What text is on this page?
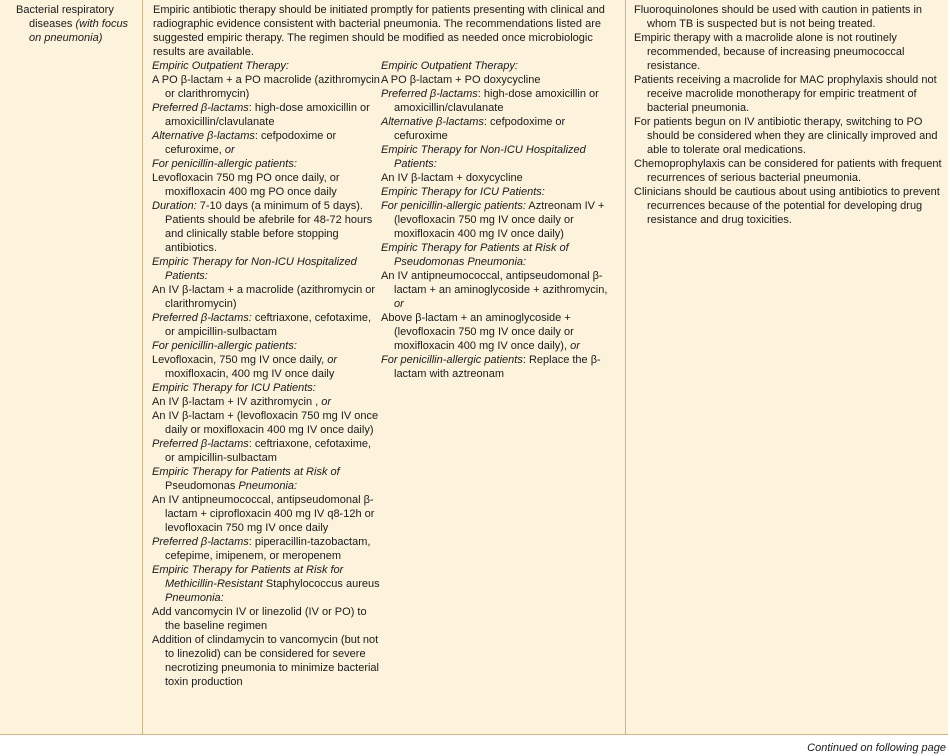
Bacterial respiratory diseases (with focus on pneumonia)

Empiric antibiotic therapy should be initiated promptly for patients presenting with clinical and radiographic evidence consistent with bacterial pneumonia. The recommendations listed are suggested empiric therapy. The regimen should be modified as needed once microbiologic results are available.

Empiric Outpatient Therapy:

A PO β-lactam + a PO macrolide (azithromycin or clarithromycin)

Preferred β-lactams: high-dose amoxicillin or amoxicillin/clavulanate

Alternative β-lactams: cefpodoxime or cefuroxime, or

For penicillin-allergic patients:

Levofloxacin 750 mg PO once daily, or moxifloxacin 400 mg PO once daily

Duration: 7-10 days (a minimum of 5 days). Patients should be afebrile for 48-72 hours and clinically stable before stopping antibiotics.

Empiric Therapy for Non-ICU Hospitalized Patients:

An IV β-lactam + a macrolide (azithromycin or clarithromycin)

Preferred β-lactams: ceftriaxone, cefotaxime, or ampicillin-sulbactam

For penicillin-allergic patients:

Levofloxacin, 750 mg IV once daily, or moxifloxacin, 400 mg IV once daily

Empiric Therapy for ICU Patients:

An IV β-lactam + IV azithromycin , or

An IV β-lactam + (levofloxacin 750 mg IV once daily or moxifloxacin 400 mg IV once daily)

Preferred β-lactams: ceftriaxone, cefotaxime, or ampicillin-sulbactam

Empiric Therapy for Patients at Risk of Pseudomonas Pneumonia:

An IV antipneumococcal, antipseudomonal β-lactam + ciprofloxacin 400 mg IV q8-12h or levofloxacin 750 mg IV once daily

Preferred β-lactams: piperacillin-tazobactam, cefepime, imipenem, or meropenem

Empiric Therapy for Patients at Risk for Methicillin-Resistant Staphylococcus aureus Pneumonia:

Add vancomycin IV or linezolid (IV or PO) to the baseline regimen

Addition of clindamycin to vancomycin (but not to linezolid) can be considered for severe necrotizing pneumonia to minimize bacterial toxin production

Empiric Outpatient Therapy:

A PO β-lactam + PO doxycycline

Preferred β-lactams: high-dose amoxicillin or amoxicillin/clavulanate

Alternative β-lactams: cefpodoxime or cefuroxime

Empiric Therapy for Non-ICU Hospitalized Patients:

An IV β-lactam + doxycycline

Empiric Therapy for ICU Patients:

For penicillin-allergic patients: Aztreonam IV + (levofloxacin 750 mg IV once daily or moxifloxacin 400 mg IV once daily)

Empiric Therapy for Patients at Risk of Pseudomonas Pneumonia:

An IV antipneumococcal, antipseudomonal β-lactam + an aminoglycoside + azithromycin, or

Above β-lactam + an aminoglycoside + (levofloxacin 750 mg IV once daily or moxifloxacin 400 mg IV once daily), or

For penicillin-allergic patients: Replace the β-lactam with aztreonam

Fluoroquinolones should be used with caution in patients in whom TB is suspected but is not being treated.

Empiric therapy with a macrolide alone is not routinely recommended, because of increasing pneumococcal resistance.

Patients receiving a macrolide for MAC prophylaxis should not receive macrolide monotherapy for empiric treatment of bacterial pneumonia.

For patients begun on IV antibiotic therapy, switching to PO should be considered when they are clinically improved and able to tolerate oral medications.

Chemoprophylaxis can be considered for patients with frequent recurrences of serious bacterial pneumonia.

Clinicians should be cautious about using antibiotics to prevent recurrences because of the potential for developing drug resistance and drug toxicities.

Continued on following page
